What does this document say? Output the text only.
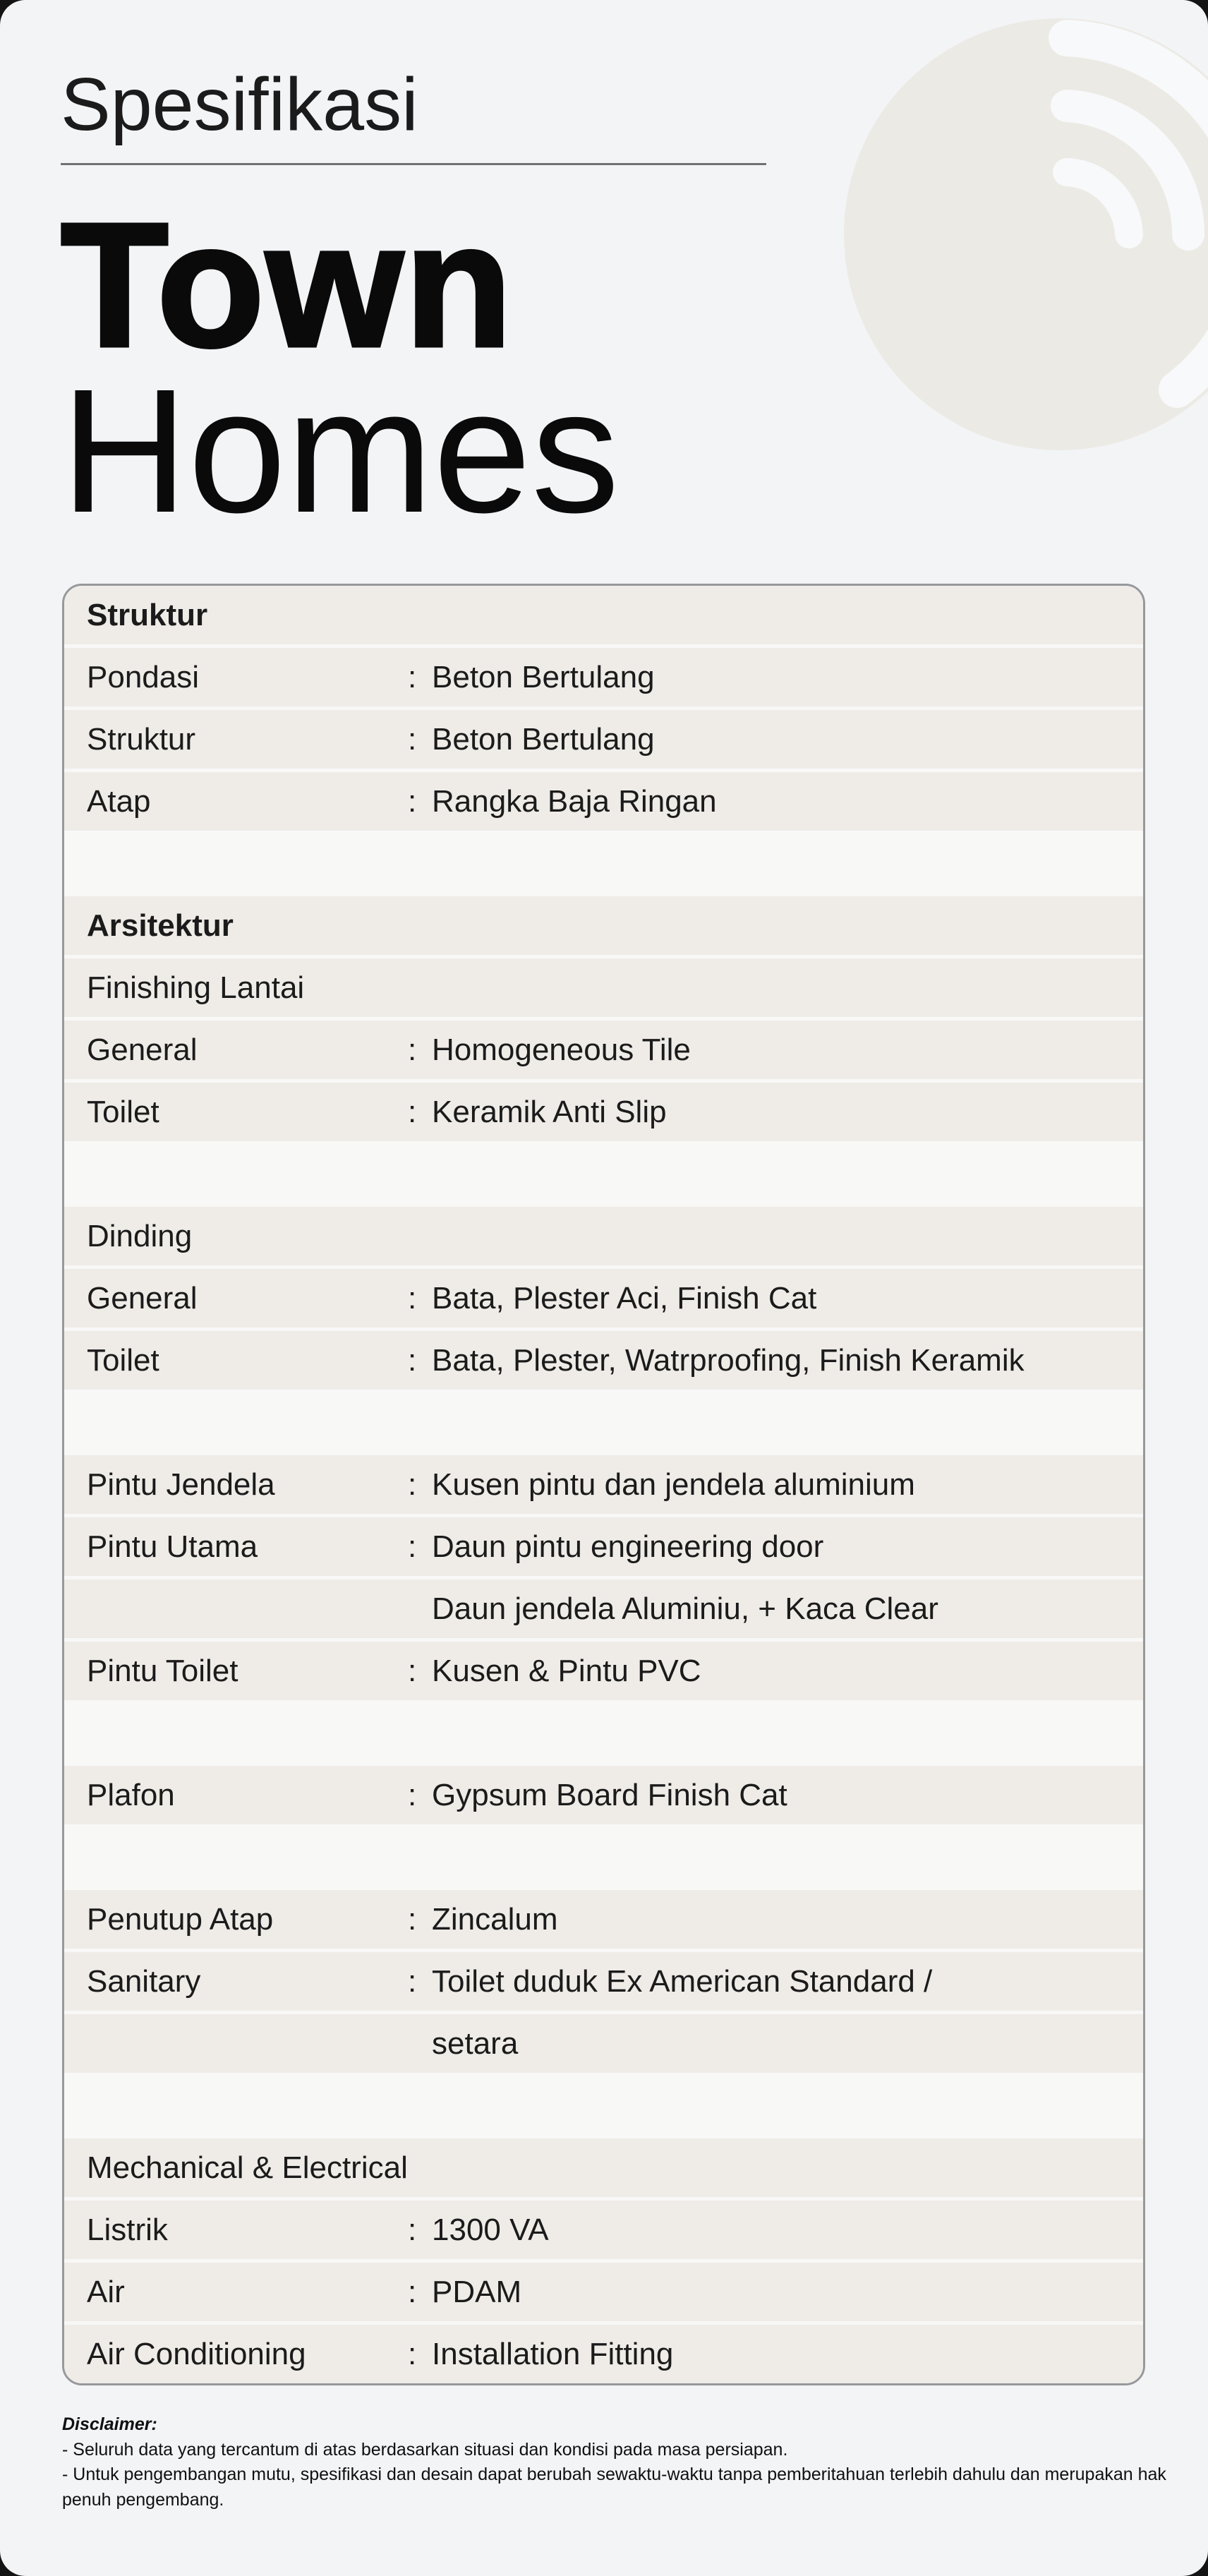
Spesifikasi
Town
Homes
Struktur
Pondasi	: Beton Bertulang
Struktur	: Beton Bertulang
Atap	: Rangka Baja Ringan
Arsitektur
Finishing Lantai
General	: Homogeneous Tile
Toilet	: Keramik Anti Slip
Dinding
General	: Bata, Plester Aci, Finish Cat
Toilet	: Bata, Plester, Watrproofing, Finish Keramik
Pintu Jendela	: Kusen pintu dan jendela aluminium
Pintu Utama	: Daun pintu engineering door
Daun jendela Aluminiu, + Kaca Clear
Pintu Toilet	: Kusen & Pintu PVC
Plafon	: Gypsum Board Finish Cat
Penutup Atap	: Zincalum
Sanitary	: Toilet duduk Ex American Standard /
setara
Mechanical & Electrical
Listrik	: 1300 VA
Air	: PDAM
Air Conditioning	: Installation Fitting
Disclaimer:
- Seluruh data yang tercantum di atas berdasarkan situasi dan kondisi pada masa persiapan.
- Untuk pengembangan mutu, spesifikasi dan desain dapat berubah sewaktu-waktu tanpa pemberitahuan terlebih dahulu dan merupakan hak penuh pengembang.
